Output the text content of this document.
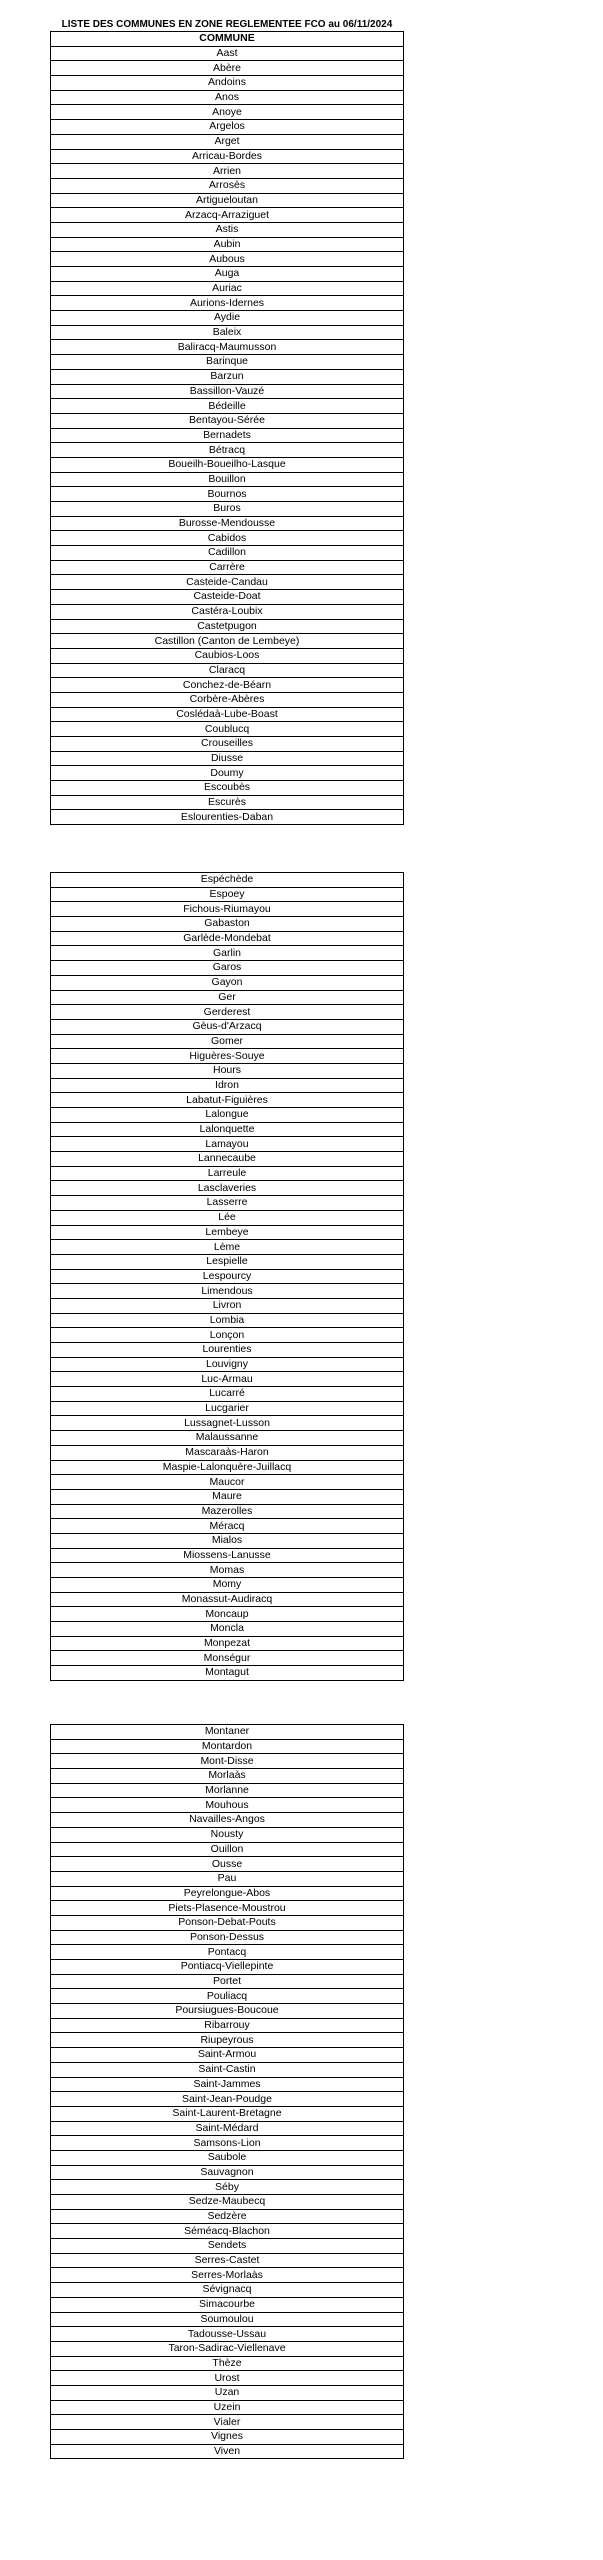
LISTE DES COMMUNES EN ZONE REGLEMENTEE FCO au 06/11/2024
COMMUNE
Aast
Abère
Andoins
Anos
Anoye
Argelos
Arget
Arricau-Bordes
Arrien
Arrosès
Artigueloutan
Arzacq-Arraziguet
Astis
Aubin
Aubous
Auga
Auriac
Aurions-Idernes
Aydie
Baleix
Baliracq-Maumusson
Barinque
Barzun
Bassillon-Vauzé
Bédeille
Bentayou-Sérée
Bernadets
Bétracq
Boueilh-Boueilho-Lasque
Bouillon
Bournos
Buros
Burosse-Mendousse
Cabidos
Cadillon
Carrère
Casteide-Candau
Casteide-Doat
Castéra-Loubix
Castetpugon
Castillon (Canton de Lembeye)
Caubios-Loos
Claracq
Conchez-de-Béarn
Corbère-Abères
Coslédaà-Lube-Boast
Coublucq
Crouseilles
Diusse
Doumy
Escoubès
Escurès
Eslourenties-Daban
Espéchède
Espoey
Fichous-Riumayou
Gabaston
Garlède-Mondebat
Garlin
Garos
Gayon
Ger
Gerderest
Gèus-d'Arzacq
Gomer
Higuères-Souye
Hours
Idron
Labatut-Figuières
Lalongue
Lalonquette
Lamayou
Lannecaube
Larreule
Lasclaveries
Lasserre
Lée
Lembeye
Lème
Lespielle
Lespourcy
Limendous
Livron
Lombia
Lonçon
Lourenties
Louvigny
Luc-Armau
Lucarré
Lucgarier
Lussagnet-Lusson
Malaussanne
Mascaraàs-Haron
Maspie-Lalonquère-Juillacq
Maucor
Maure
Mazerolles
Méracq
Mialos
Miossens-Lanusse
Momas
Momy
Monassut-Audiracq
Moncaup
Moncla
Monpezat
Monségur
Montagut
Montaner
Montardon
Mont-Disse
Morlaàs
Morlanne
Mouhous
Navailles-Angos
Nousty
Ouillon
Ousse
Pau
Peyrelongue-Abos
Piets-Plasence-Moustrou
Ponson-Debat-Pouts
Ponson-Dessus
Pontacq
Pontiacq-Viellepinte
Portet
Pouliacq
Poursiugues-Boucoue
Ribarrouy
Riupeyrous
Saint-Armou
Saint-Castin
Saint-Jammes
Saint-Jean-Poudge
Saint-Laurent-Bretagne
Saint-Médard
Samsons-Lion
Saubole
Sauvagnon
Séby
Sedze-Maubecq
Sedzère
Séméacq-Blachon
Sendets
Serres-Castet
Serres-Morlaàs
Sévignacq
Simacourbe
Soumoulou
Tadousse-Ussau
Taron-Sadirac-Viellenave
Thèze
Urost
Uzan
Uzein
Vialer
Vignes
Viven
